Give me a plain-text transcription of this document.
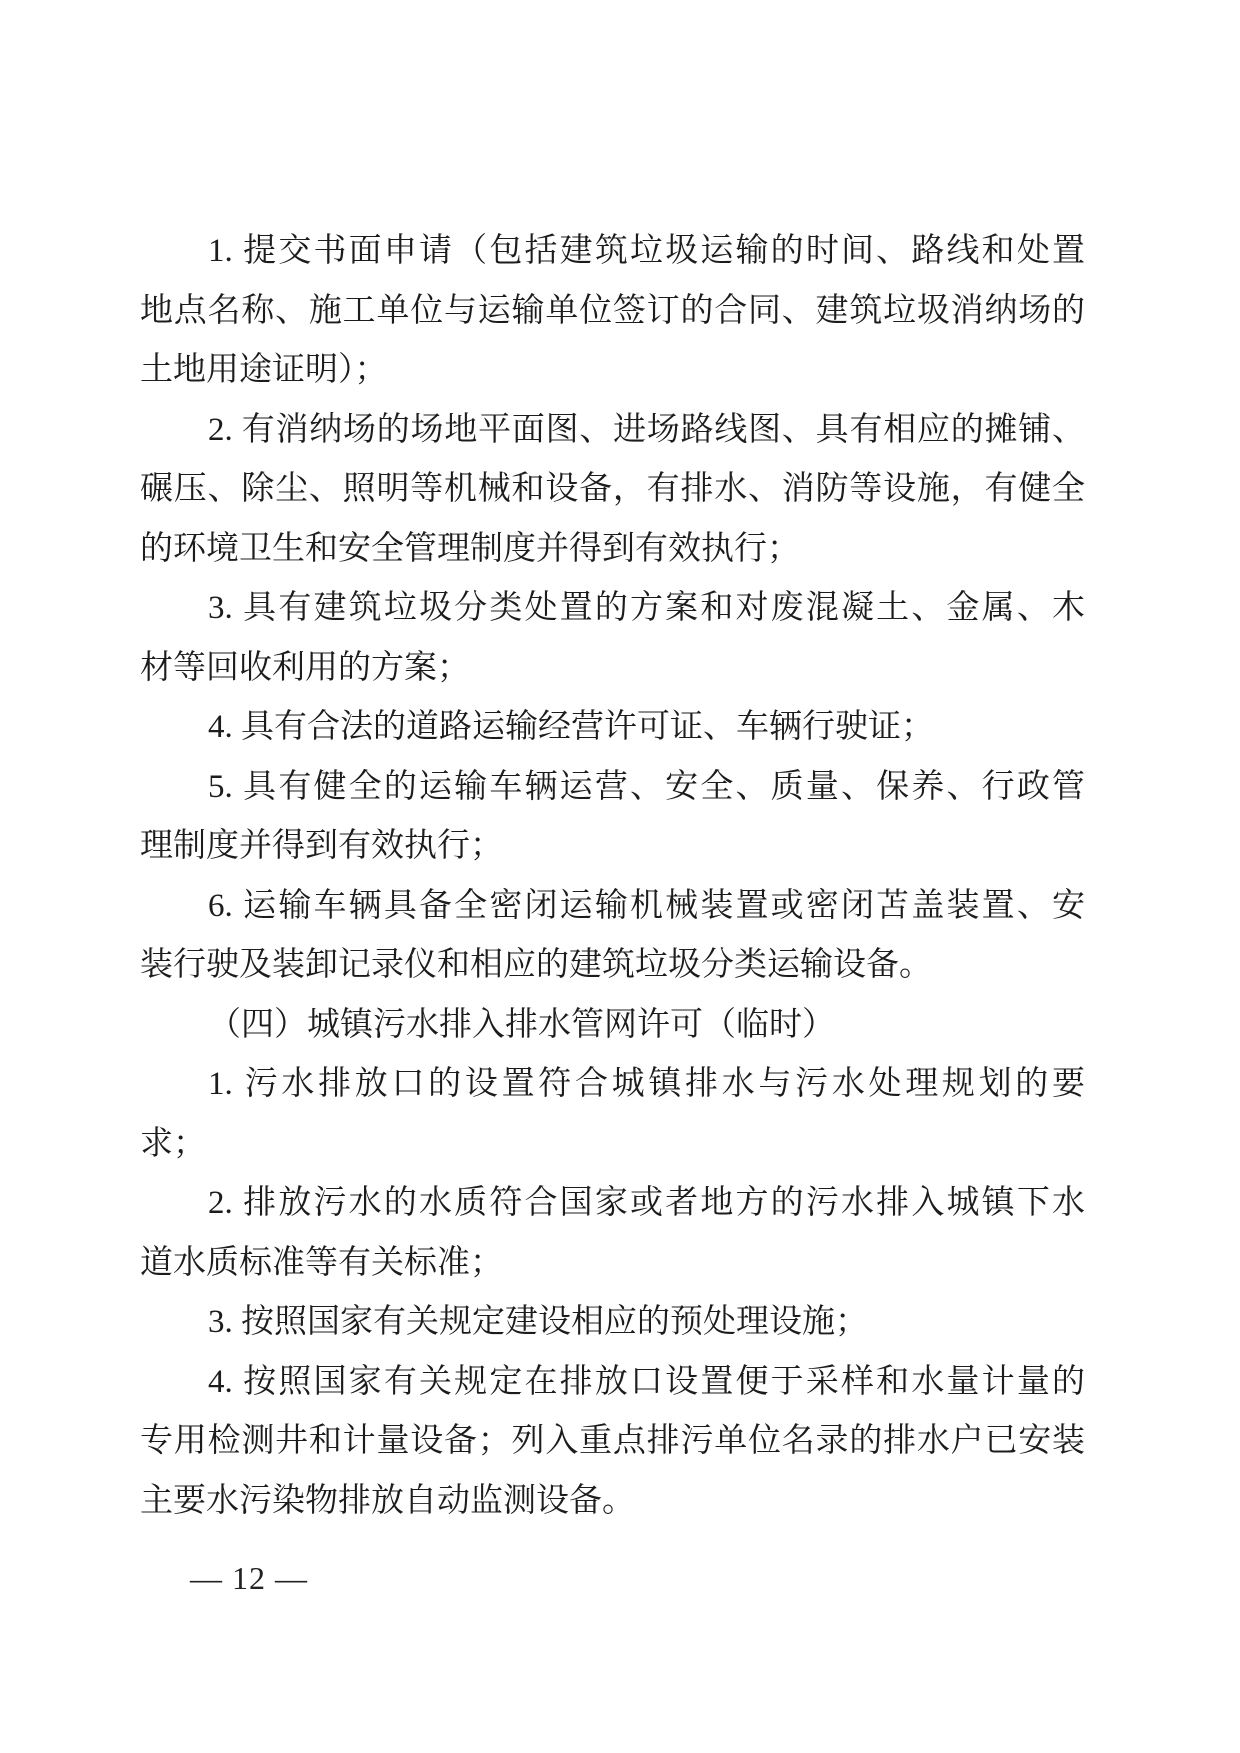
1. 提交书面申请（包括建筑垃圾运输的时间、路线和处置
地点名称、施工单位与运输单位签订的合同、建筑垃圾消纳场的
土地用途证明）；
2. 有消纳场的场地平面图、进场路线图、具有相应的摊铺、
碾压、除尘、照明等机械和设备，有排水、消防等设施，有健全
的环境卫生和安全管理制度并得到有效执行；
3. 具有建筑垃圾分类处置的方案和对废混凝土、金属、木
材等回收利用的方案；
4. 具有合法的道路运输经营许可证、车辆行驶证；
5. 具有健全的运输车辆运营、安全、质量、保养、行政管
理制度并得到有效执行；
6. 运输车辆具备全密闭运输机械装置或密闭苫盖装置、安
装行驶及装卸记录仪和相应的建筑垃圾分类运输设备。
（四）城镇污水排入排水管网许可（临时）
1. 污水排放口的设置符合城镇排水与污水处理规划的要
求；
2. 排放污水的水质符合国家或者地方的污水排入城镇下水
道水质标准等有关标准；
3. 按照国家有关规定建设相应的预处理设施；
4. 按照国家有关规定在排放口设置便于采样和水量计量的
专用检测井和计量设备；列入重点排污单位名录的排水户已安装
主要水污染物排放自动监测设备。
— 12 —
